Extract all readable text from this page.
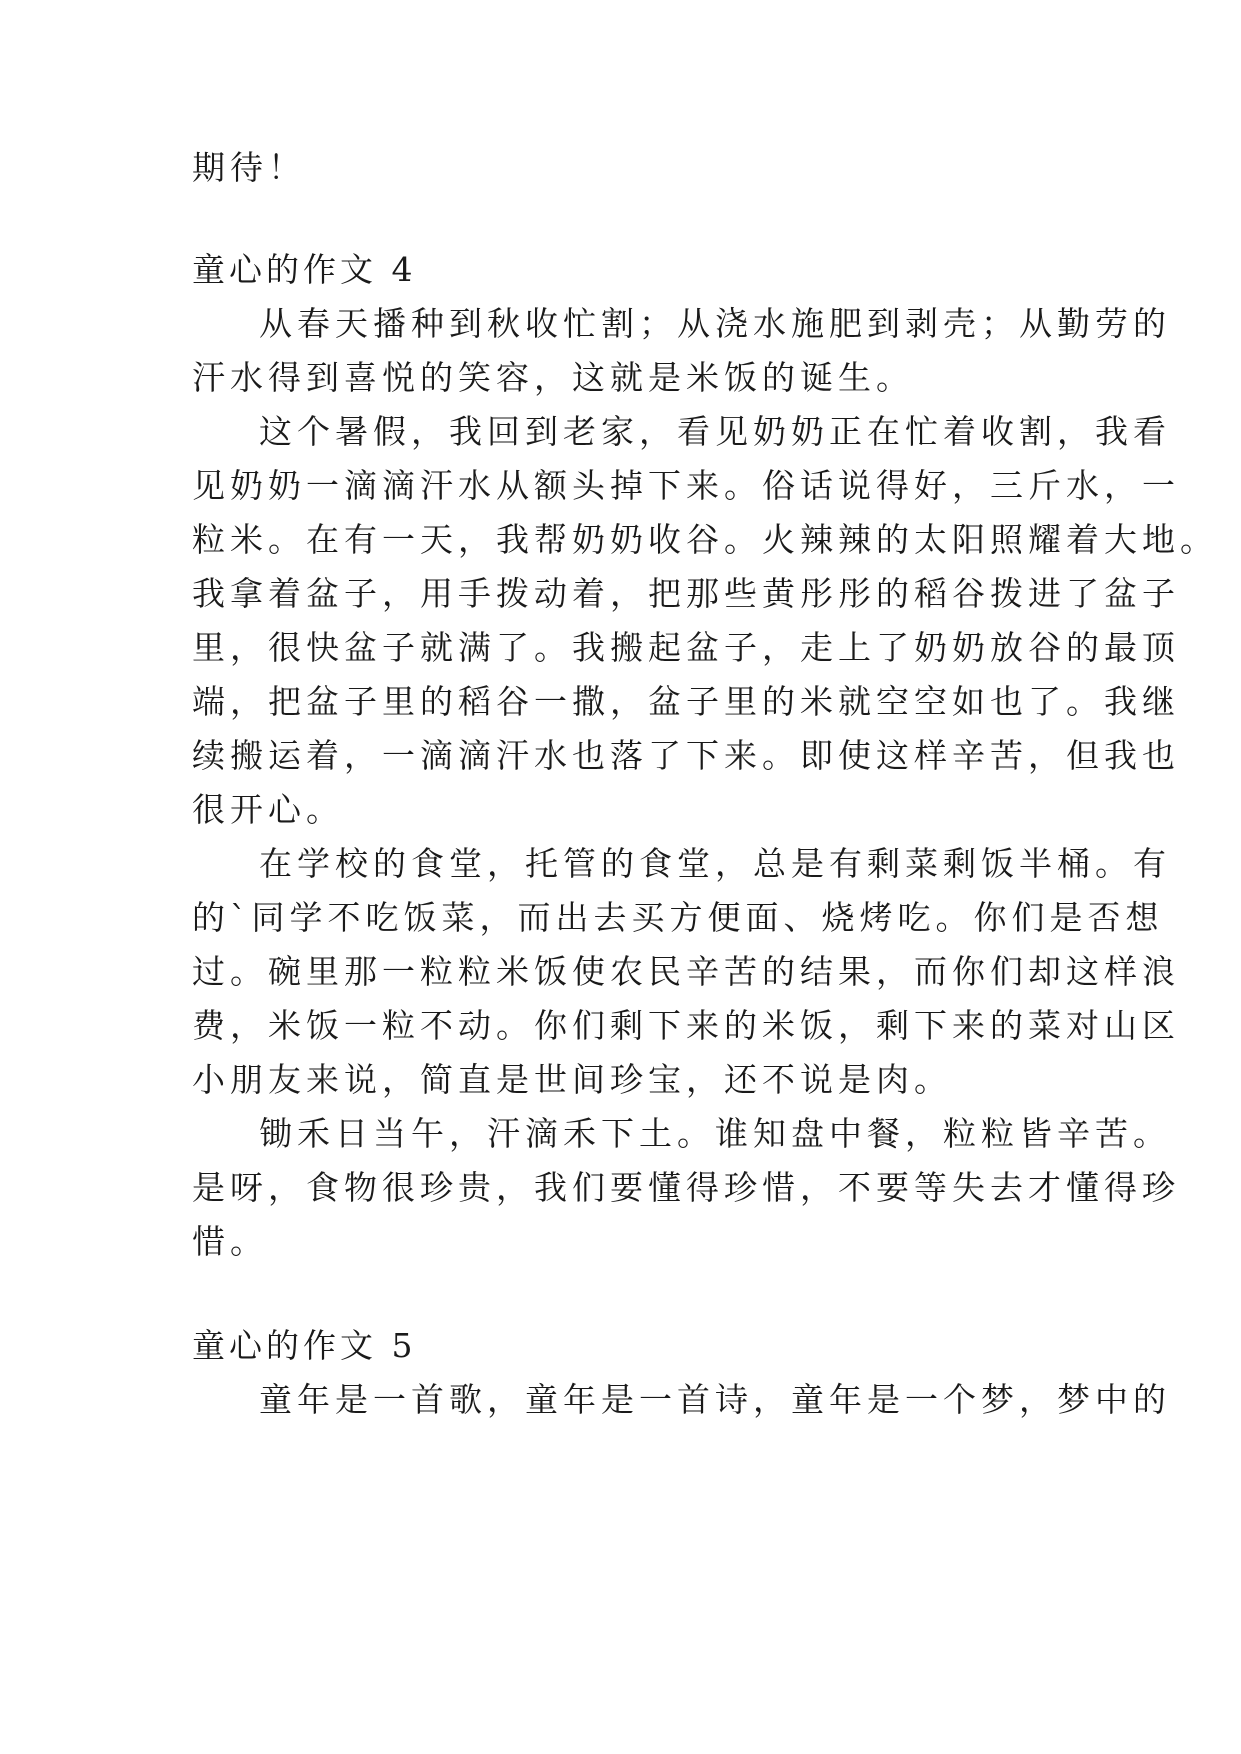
期待！
童心的作文 4
从春天播种到秋收忙割；从浇水施肥到剥壳；从勤劳的
汗水得到喜悦的笑容，这就是米饭的诞生。
这个暑假，我回到老家，看见奶奶正在忙着收割，我看
见奶奶一滴滴汗水从额头掉下来。俗话说得好，三斤水，一
粒米。在有一天，我帮奶奶收谷。火辣辣的太阳照耀着大地。
我拿着盆子，用手拨动着，把那些黄彤彤的稻谷拨进了盆子
里，很快盆子就满了。我搬起盆子，走上了奶奶放谷的最顶
端，把盆子里的稻谷一撒，盆子里的米就空空如也了。我继
续搬运着，一滴滴汗水也落了下来。即使这样辛苦，但我也
很开心。
在学校的食堂，托管的食堂，总是有剩菜剩饭半桶。有
的`同学不吃饭菜，而出去买方便面、烧烤吃。你们是否想
过。碗里那一粒粒米饭使农民辛苦的结果，而你们却这样浪
费，米饭一粒不动。你们剩下来的米饭，剩下来的菜对山区
小朋友来说，简直是世间珍宝，还不说是肉。
锄禾日当午，汗滴禾下土。谁知盘中餐，粒粒皆辛苦。
是呀，食物很珍贵，我们要懂得珍惜，不要等失去才懂得珍
惜。
童心的作文 5
童年是一首歌，童年是一首诗，童年是一个梦，梦中的
